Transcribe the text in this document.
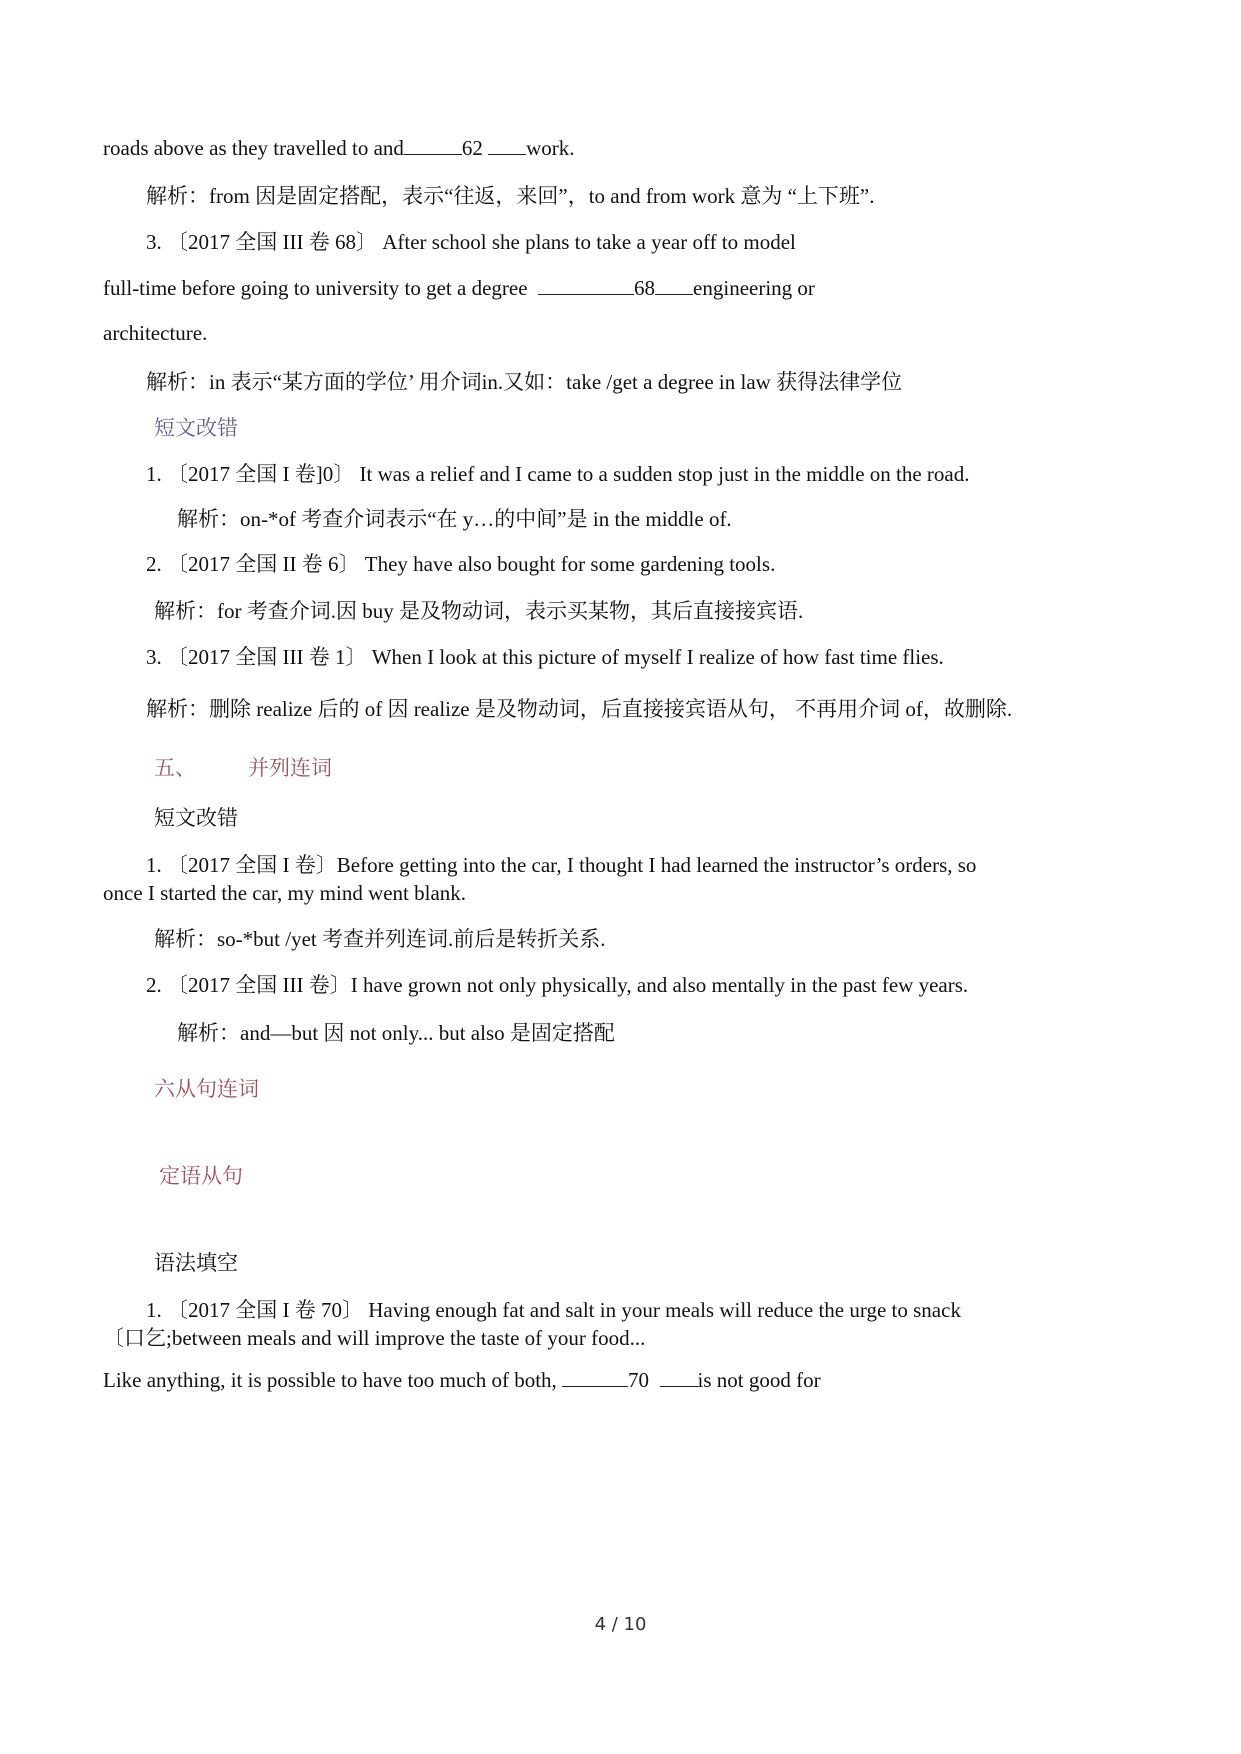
roads above as they travelled to and	62 work.
解析：from 因是固定搭配，表示“往返，来回”，to and from work 意为 “上下班”.
3. 〔2017 全国 III 卷 68〕 After school she plans to take a year off to model
full-time before going to university to get a degree	68 engineering or
architecture.
解析：in 表示“某方面的学位’ 用介词in.又如：take /get a degree in law 获得法律学位
短文改错
1. 〔2017 全国 I 卷]0〕 It was a relief and I came to a sudden stop just in the middle on the road.
解析：on-*of 考查介词表示“在 y…的中间”是 in the middle of.
2. 〔2017 全国 II 卷 6〕 They have also bought for some gardening tools.
解析：for 考查介词.因 buy 是及物动词，表示买某物，其后直接接宾语.
3. 〔2017 全国 III 卷 1〕 When I look at this picture of myself I realize of how fast time flies.
解析：删除 realize 后的 of 因 realize 是及物动词，后直接接宾语从句， 不再用介词 of，故删除.
五、 并列连词
短文改错
1. 〔2017 全国 I 卷〕Before getting into the car, I thought I had learned the instructor’s orders, so once I started the car, my mind went blank.
解析：so-*but /yet 考查并列连词.前后是转折关系.
2. 〔2017 全国 III 卷〕I have grown not only physically, and also mentally in the past few years.
解析：and—but 因 not only... but also 是固定搭配
六从句连词
定语从句
语法填空
1. 〔2017 全国 I 卷 70〕 Having enough fat and salt in your meals will reduce the urge to snack
〔口乞;between meals and will improve the taste of your food...
Like anything, it is possible to have too much of both,	70 is not good for
4 / 10
